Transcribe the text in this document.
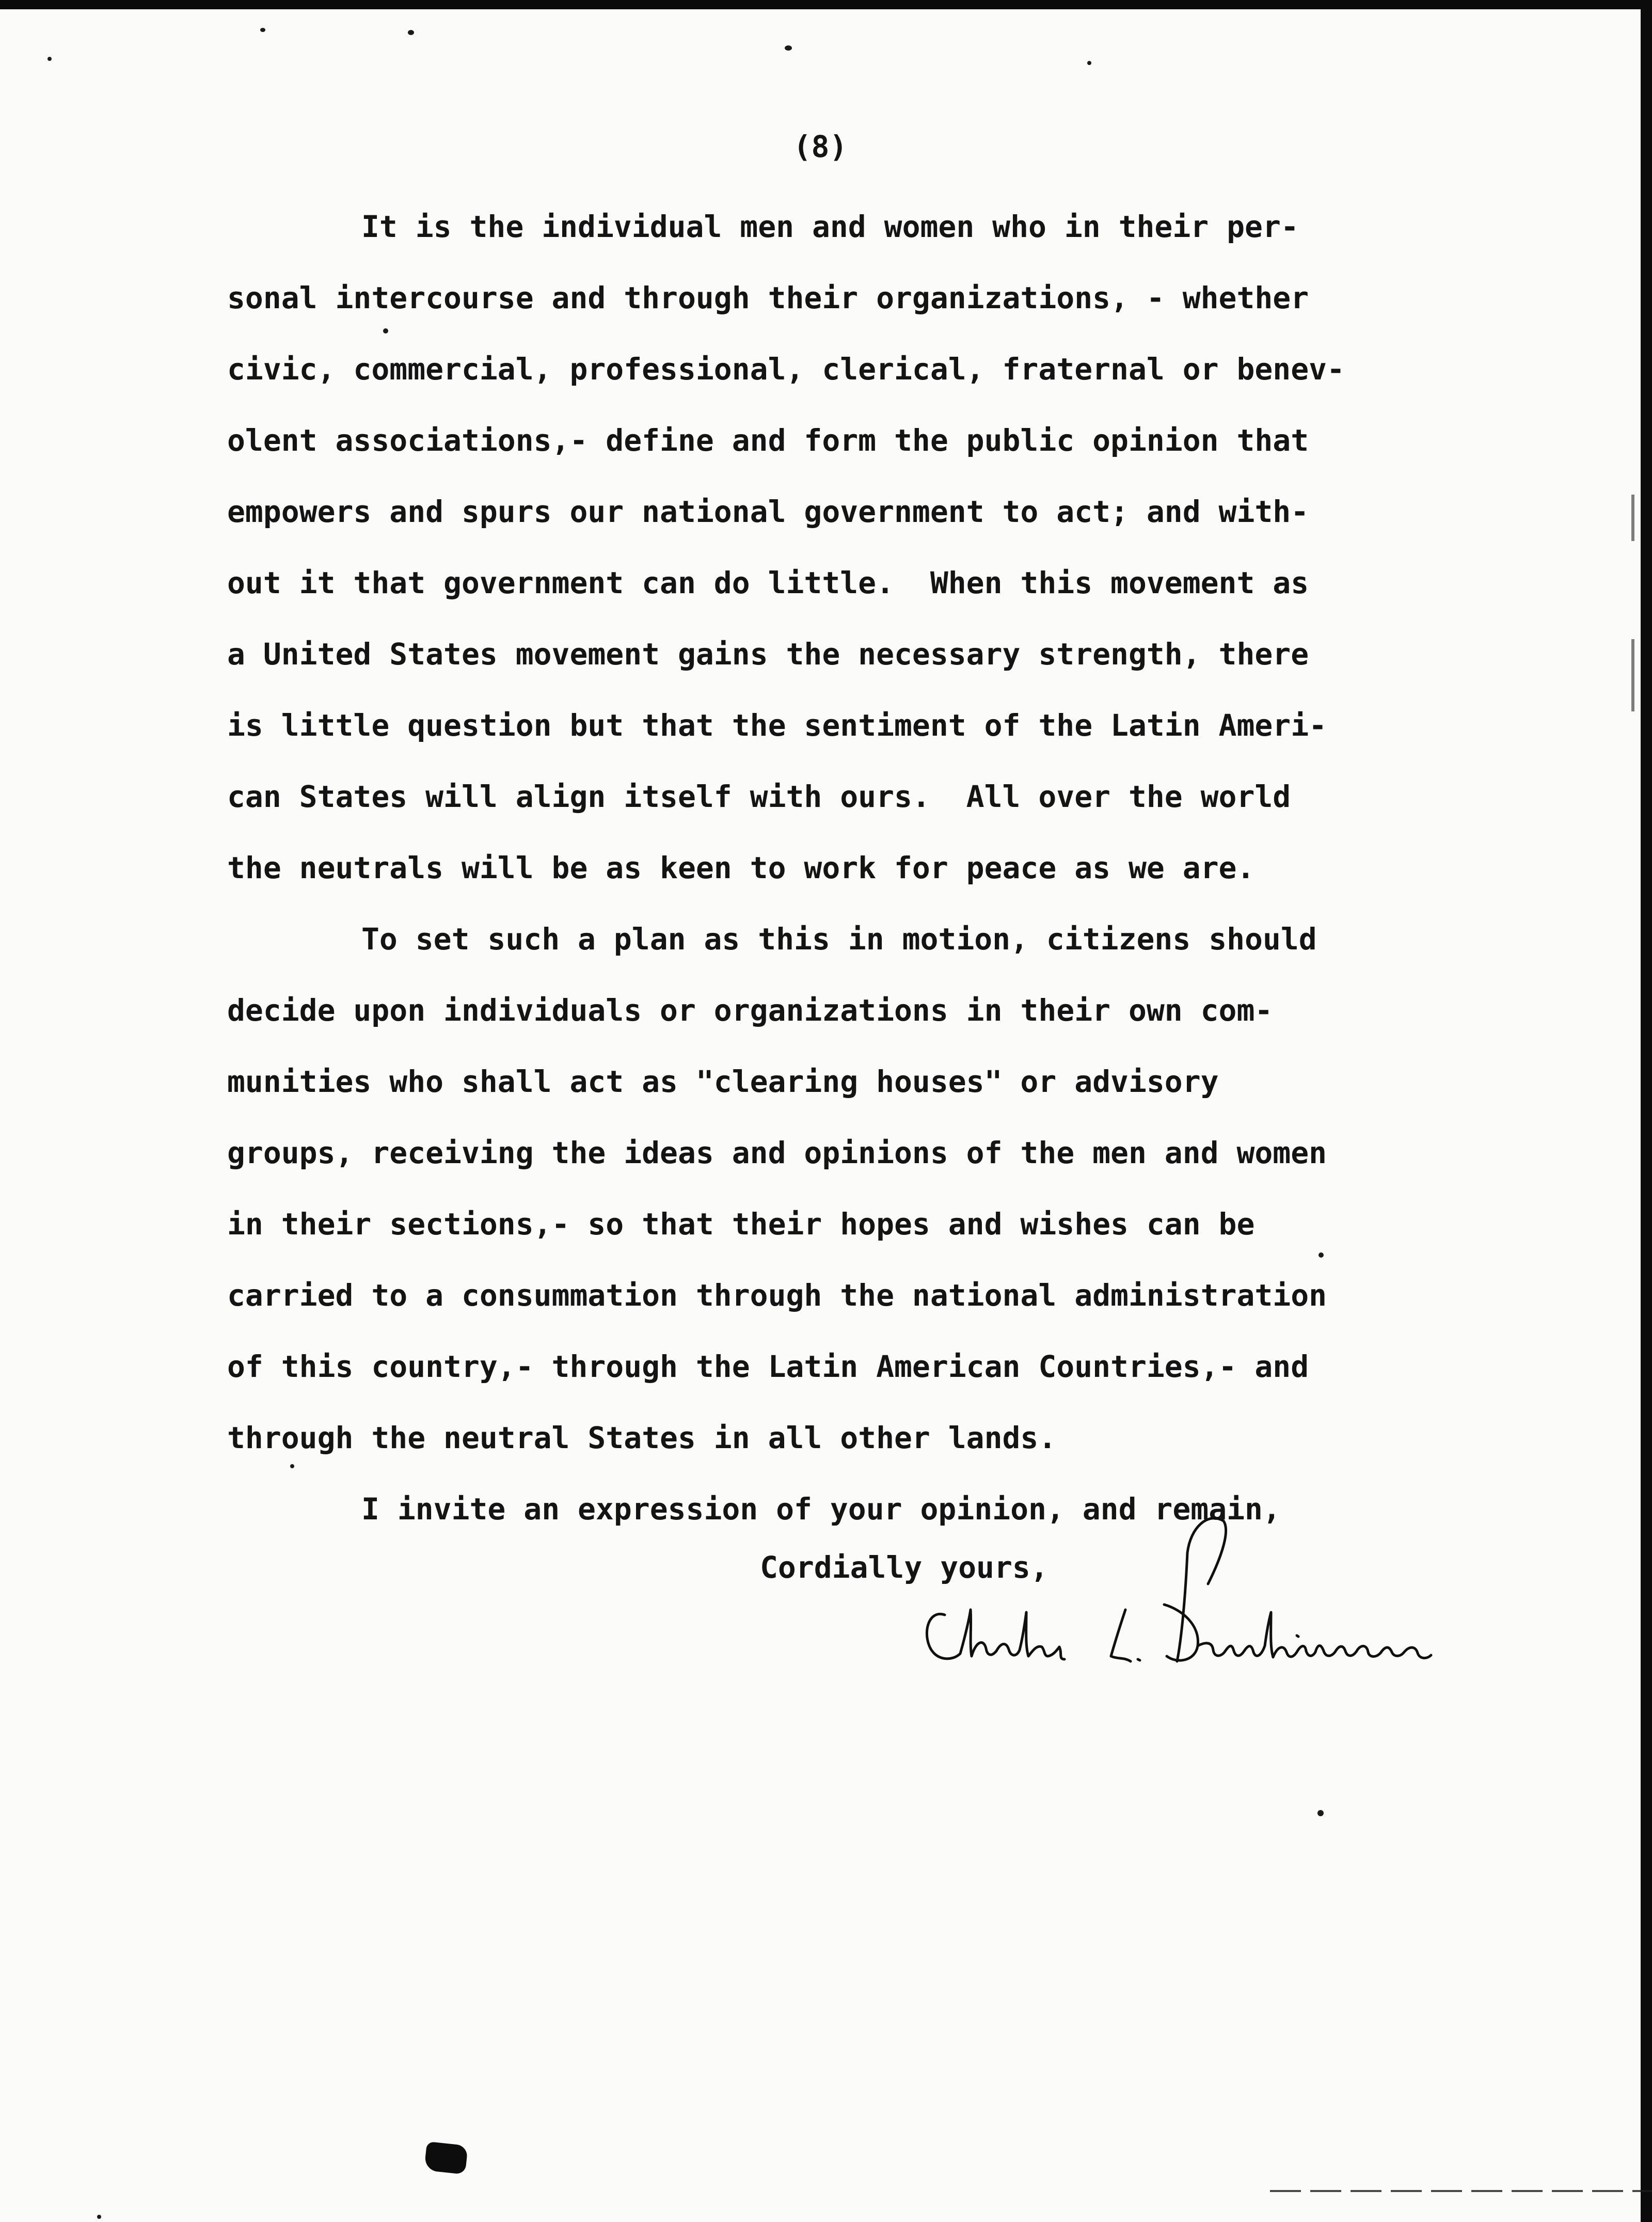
(8)
It is the individual men and women who in their per-
sonal intercourse and through their organizations, - whether
civic, commercial, professional, clerical, fraternal or benev-
olent associations,- define and form the public opinion that
empowers and spurs our national government to act; and with-
out it that government can do little.  When this movement as
a United States movement gains the necessary strength, there
is little question but that the sentiment of the Latin Ameri-
can States will align itself with ours.  All over the world
the neutrals will be as keen to work for peace as we are.
To set such a plan as this in motion, citizens should
decide upon individuals or organizations in their own com-
munities who shall act as "clearing houses" or advisory
groups, receiving the ideas and opinions of the men and women
in their sections,- so that their hopes and wishes can be
carried to a consummation through the national administration
of this country,- through the Latin American Countries,- and
through the neutral States in all other lands.
I invite an expression of your opinion, and remain,
Cordially yours,
